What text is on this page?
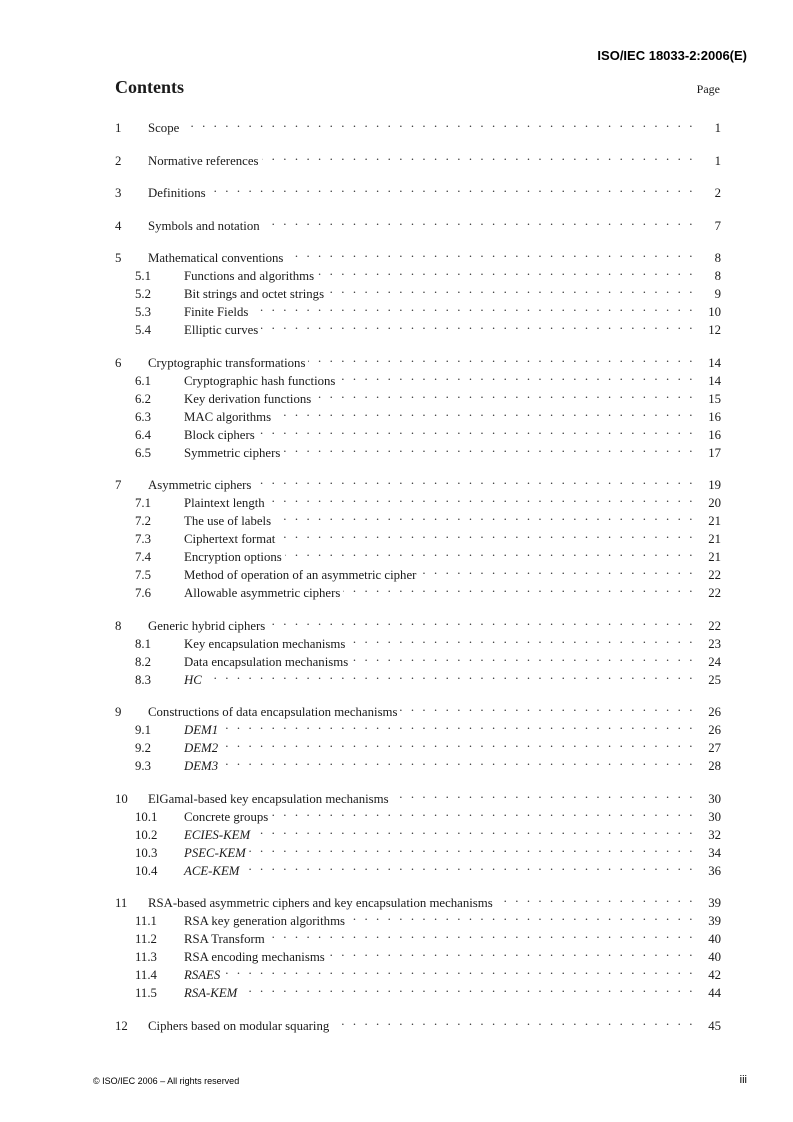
ISO/IEC 18033-2:2006(E)
Contents	Page
1	Scope . . .	1
2	Normative references . . .	1
3	Definitions . . .	2
4	Symbols and notation . . .	7
5	Mathematical conventions . . .	8
5.1	Functions and algorithms . . .	8
5.2	Bit strings and octet strings . . .	9
5.3	Finite Fields . . .	10
5.4	Elliptic curves . . .	12
6	Cryptographic transformations . . .	14
6.1	Cryptographic hash functions . . .	14
6.2	Key derivation functions . . .	15
6.3	MAC algorithms . . .	16
6.4	Block ciphers . . .	16
6.5	Symmetric ciphers . . .	17
7	Asymmetric ciphers . . .	19
7.1	Plaintext length . . .	20
7.2	The use of labels . . .	21
7.3	Ciphertext format . . .	21
7.4	Encryption options . . .	21
7.5	Method of operation of an asymmetric cipher . . .	22
7.6	Allowable asymmetric ciphers . . .	22
8	Generic hybrid ciphers . . .	22
8.1	Key encapsulation mechanisms . . .	23
8.2	Data encapsulation mechanisms . . .	24
8.3	HC . . .	25
9	Constructions of data encapsulation mechanisms . . .	26
9.1	DEM1 . . .	26
9.2	DEM2 . . .	27
9.3	DEM3 . . .	28
10	ElGamal-based key encapsulation mechanisms . . .	30
10.1	Concrete groups . . .	30
10.2	ECIES-KEM . . .	32
10.3	PSEC-KEM . . .	34
10.4	ACE-KEM . . .	36
11	RSA-based asymmetric ciphers and key encapsulation mechanisms . . .	39
11.1	RSA key generation algorithms . . .	39
11.2	RSA Transform . . .	40
11.3	RSA encoding mechanisms . . .	40
11.4	RSAES . . .	42
11.5	RSA-KEM . . .	44
12	Ciphers based on modular squaring . . .	45
© ISO/IEC 2006 – All rights reserved	iii
